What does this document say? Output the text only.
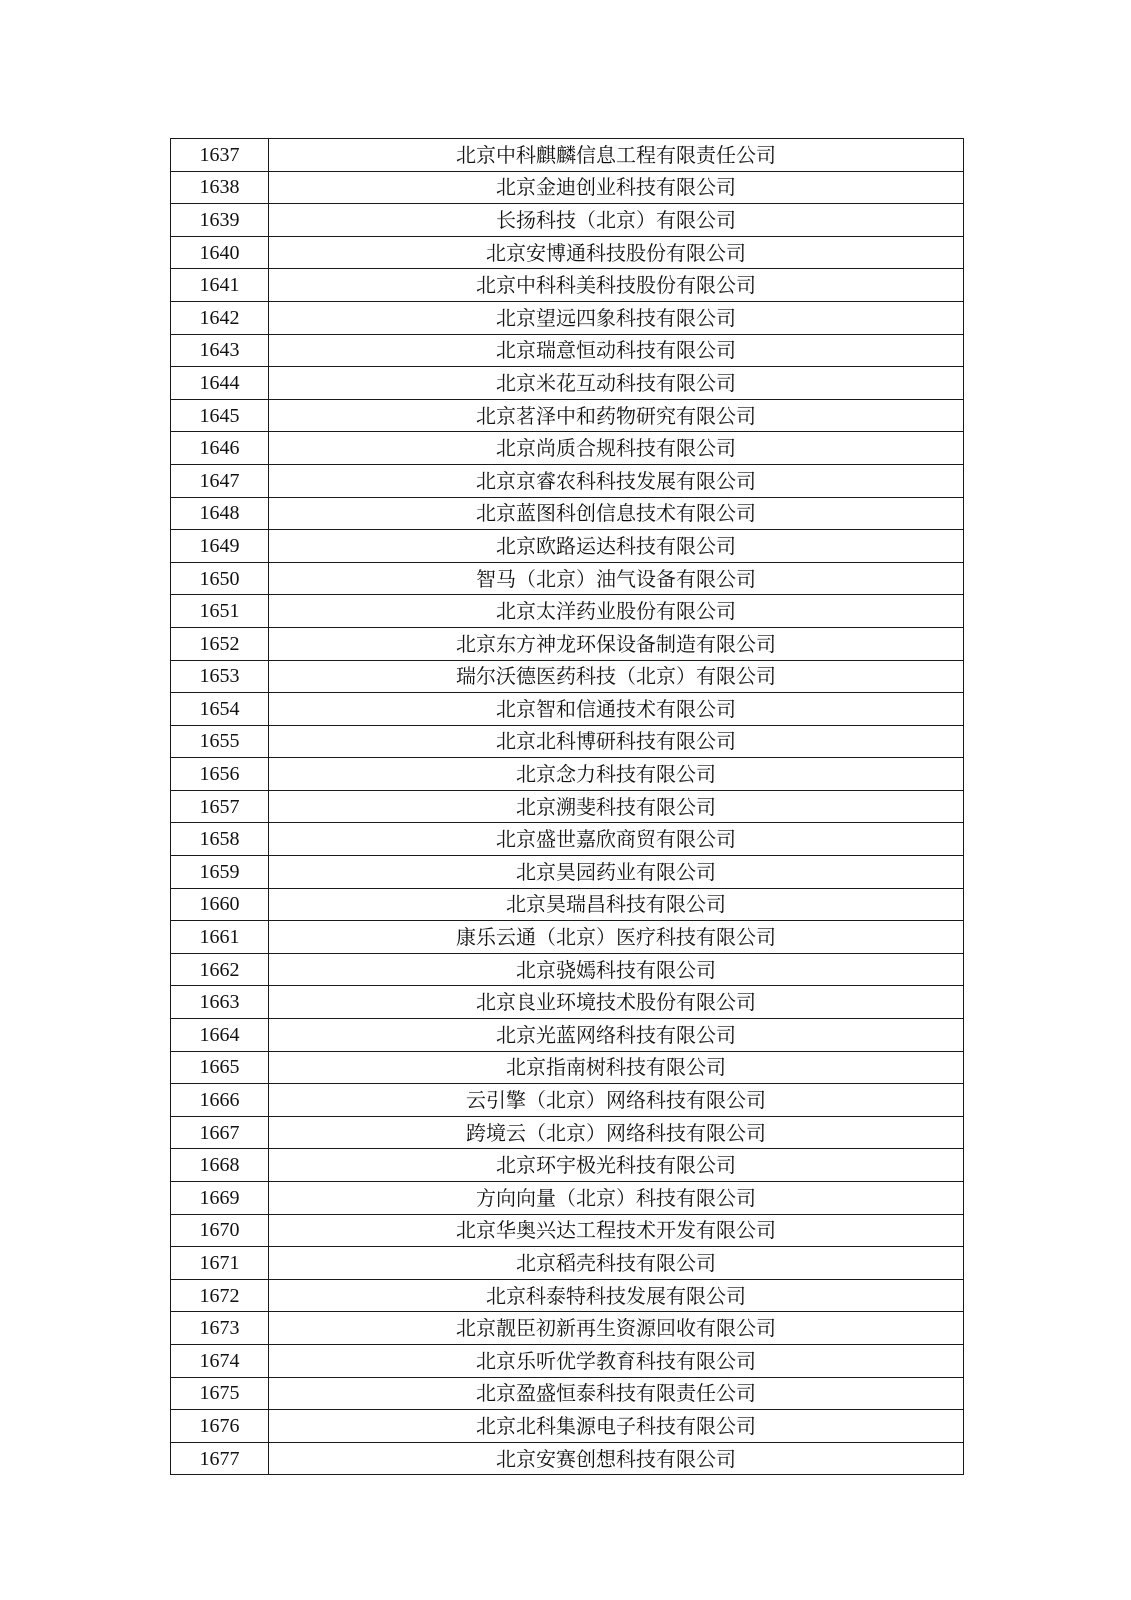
1637	北京中科麒麟信息工程有限责任公司
1638	北京金迪创业科技有限公司
1639	长扬科技（北京）有限公司
1640	北京安博通科技股份有限公司
1641	北京中科科美科技股份有限公司
1642	北京望远四象科技有限公司
1643	北京瑞意恒动科技有限公司
1644	北京米花互动科技有限公司
1645	北京茗泽中和药物研究有限公司
1646	北京尚质合规科技有限公司
1647	北京京睿农科科技发展有限公司
1648	北京蓝图科创信息技术有限公司
1649	北京欧路运达科技有限公司
1650	智马（北京）油气设备有限公司
1651	北京太洋药业股份有限公司
1652	北京东方神龙环保设备制造有限公司
1653	瑞尔沃德医药科技（北京）有限公司
1654	北京智和信通技术有限公司
1655	北京北科博研科技有限公司
1656	北京念力科技有限公司
1657	北京溯斐科技有限公司
1658	北京盛世嘉欣商贸有限公司
1659	北京昊园药业有限公司
1660	北京昊瑞昌科技有限公司
1661	康乐云通（北京）医疗科技有限公司
1662	北京骁嫣科技有限公司
1663	北京良业环境技术股份有限公司
1664	北京光蓝网络科技有限公司
1665	北京指南树科技有限公司
1666	云引擎（北京）网络科技有限公司
1667	跨境云（北京）网络科技有限公司
1668	北京环宇极光科技有限公司
1669	方向向量（北京）科技有限公司
1670	北京华奥兴达工程技术开发有限公司
1671	北京稻壳科技有限公司
1672	北京科泰特科技发展有限公司
1673	北京靓臣初新再生资源回收有限公司
1674	北京乐听优学教育科技有限公司
1675	北京盈盛恒泰科技有限责任公司
1676	北京北科集源电子科技有限公司
1677	北京安赛创想科技有限公司
